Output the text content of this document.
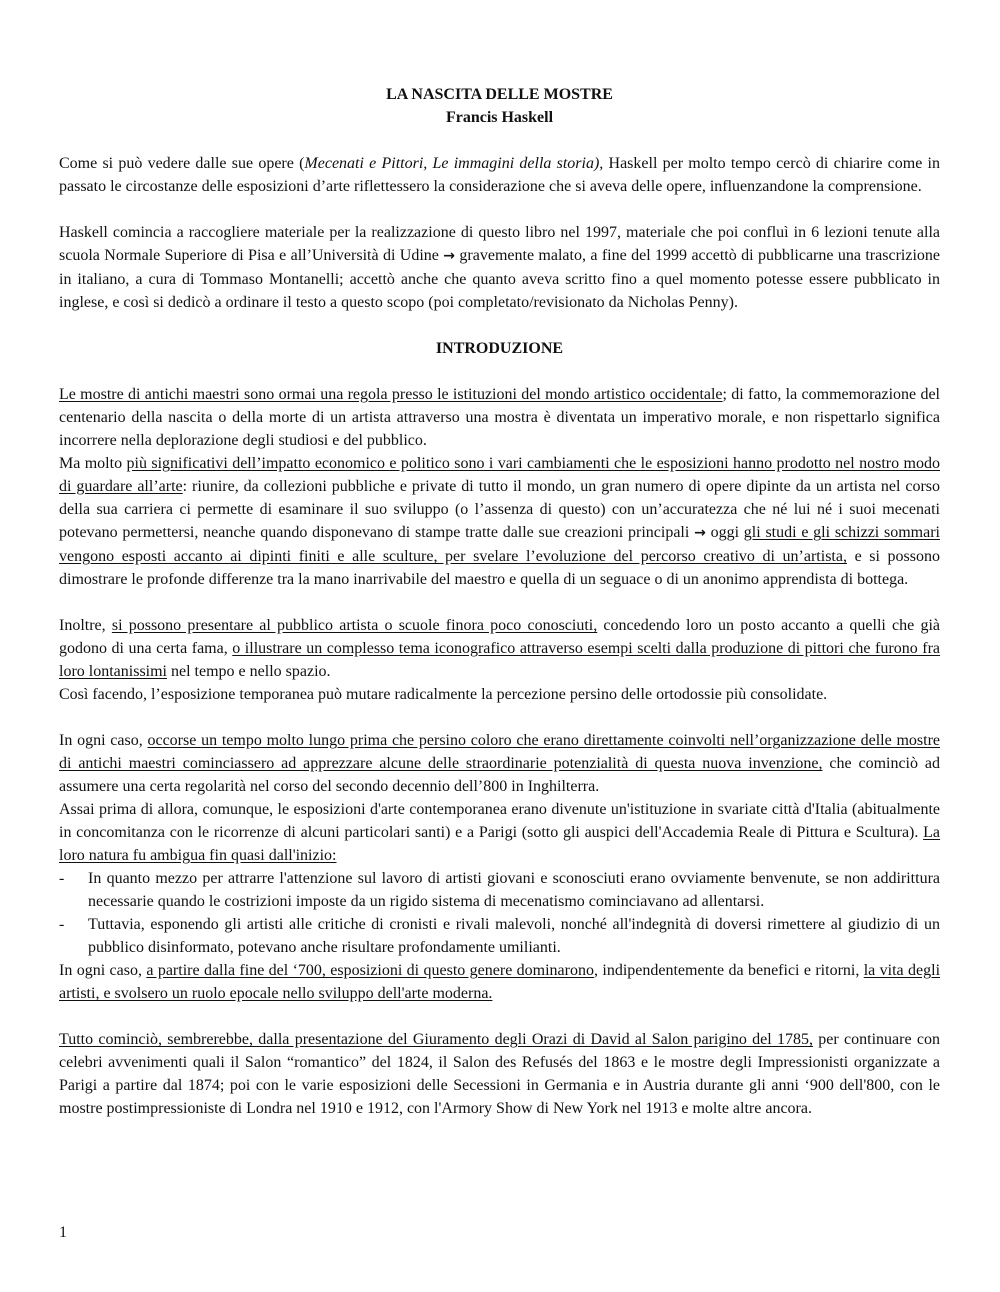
LA NASCITA DELLE MOSTRE

Francis Haskell

Come si può vedere dalle sue opere (Mecenati e Pittori, Le immagini della storia), Haskell per molto tempo cercò di chiarire come in passato le circostanze delle esposizioni d’arte riflettessero la considerazione che si aveva delle opere, influenzandone la comprensione.

Haskell comincia a raccogliere materiale per la realizzazione di questo libro nel 1997, materiale che poi confluì in 6 lezioni tenute alla scuola Normale Superiore di Pisa e all’Università di Udine → gravemente malato, a fine del 1999 accettò di pubblicarne una trascrizione in italiano, a cura di Tommaso Montanelli; accettò anche che quanto aveva scritto fino a quel momento potesse essere pubblicato in inglese, e così si dedicò a ordinare il testo a questo scopo (poi completato/revisionato da Nicholas Penny).

INTRODUZIONE

Le mostre di antichi maestri sono ormai una regola presso le istituzioni del mondo artistico occidentale; di fatto, la commemorazione del centenario della nascita o della morte di un artista attraverso una mostra è diventata un imperativo morale, e non rispettarlo significa incorrere nella deplorazione degli studiosi e del pubblico.

Ma molto più significativi dell’impatto economico e politico sono i vari cambiamenti che le esposizioni hanno prodotto nel nostro modo di guardare all’arte: riunire, da collezioni pubbliche e private di tutto il mondo, un gran numero di opere dipinte da un artista nel corso della sua carriera ci permette di esaminare il suo sviluppo (o l’assenza di questo) con un’accuratezza che né lui né i suoi mecenati potevano permettersi, neanche quando disponevano di stampe tratte dalle sue creazioni principali → oggi gli studi e gli schizzi sommari vengono esposti accanto ai dipinti finiti e alle sculture, per svelare l’evoluzione del percorso creativo di un’artista, e si possono dimostrare le profonde differenze tra la mano inarrivabile del maestro e quella di un seguace o di un anonimo apprendista di bottega.

Inoltre, si possono presentare al pubblico artista o scuole finora poco conosciuti, concedendo loro un posto accanto a quelli che già godono di una certa fama, o illustrare un complesso tema iconografico attraverso esempi scelti dalla produzione di pittori che furono fra loro lontanissimi nel tempo e nello spazio.

Così facendo, l’esposizione temporanea può mutare radicalmente la percezione persino delle ortodossie più consolidate.

In ogni caso, occorse un tempo molto lungo prima che persino coloro che erano direttamente coinvolti nell’organizzazione delle mostre di antichi maestri cominciassero ad apprezzare alcune delle straordinarie potenzialità di questa nuova invenzione, che cominciò ad assumere una certa regolarità nel corso del secondo decennio dell’800 in Inghilterra.

Assai prima di allora, comunque, le esposizioni d'arte contemporanea erano divenute un'istituzione in svariate città d'Italia (abitualmente in concomitanza con le ricorrenze di alcuni particolari santi) e a Parigi (sotto gli auspici dell'Accademia Reale di Pittura e Scultura). La loro natura fu ambigua fin quasi dall'inizio:

- In quanto mezzo per attrarre l'attenzione sul lavoro di artisti giovani e sconosciuti erano ovviamente benvenute, se non addirittura necessarie quando le costrizioni imposte da un rigido sistema di mecenatismo cominciavano ad allentarsi.
- Tuttavia, esponendo gli artisti alle critiche di cronisti e rivali malevoli, nonché all'indegnità di doversi rimettere al giudizio di un pubblico disinformato, potevano anche risultare profondamente umilianti.

In ogni caso, a partire dalla fine del ‘700, esposizioni di questo genere dominarono, indipendentemente da benefici e ritorni, la vita degli artisti, e svolsero un ruolo epocale nello sviluppo dell'arte moderna.

Tutto cominciò, sembrerebbe, dalla presentazione del Giuramento degli Orazi di David al Salon parigino del 1785, per continuare con celebri avvenimenti quali il Salon “romantico” del 1824, il Salon des Refusés del 1863 e le mostre degli Impressionisti organizzate a Parigi a partire dal 1874; poi con le varie esposizioni delle Secessioni in Germania e in Austria durante gli anni ‘900 dell'800, con le mostre postimpressioniste di Londra nel 1910 e 1912, con l'Armory Show di New York nel 1913 e molte altre ancora.

1
